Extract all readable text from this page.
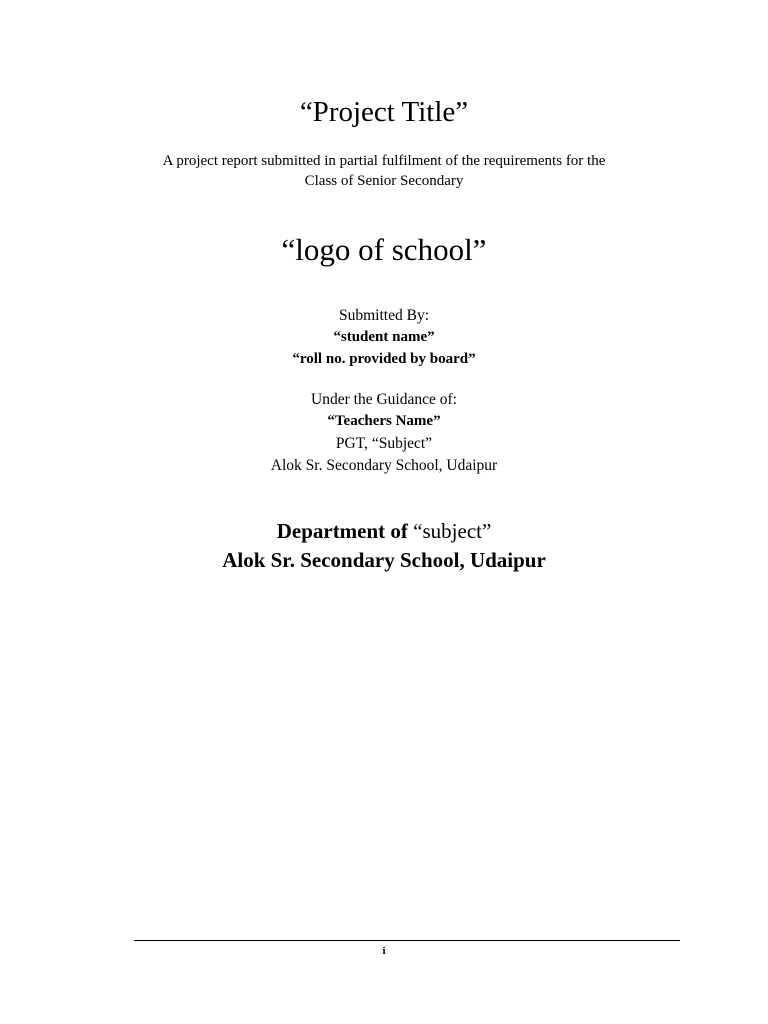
“Project Title”
A project report submitted in partial fulfilment of the requirements for the
Class of Senior Secondary
“logo of school”
Submitted By:
“student name”
“roll no. provided by board”
Under the Guidance of:
“Teachers Name”
PGT, “Subject”
Alok Sr. Secondary School, Udaipur
Department of “subject”
Alok Sr. Secondary School, Udaipur
i
